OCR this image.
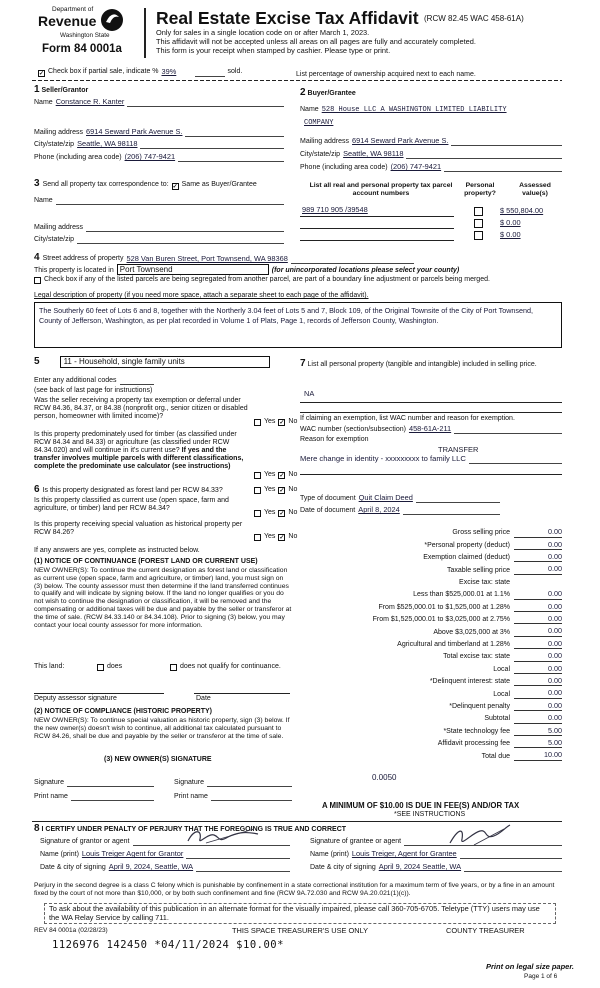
Department of
Revenue
Washington State
Form 84 0001a
Real Estate Excise Tax Affidavit (RCW 82.45 WAC 458-61A)
Only for sales in a single location code on or after March 1, 2023.
This affidavit will not be accepted unless all areas on all pages are fully and accurately completed.
This form is your receipt when stamped by cashier. Please type or print.
✓ Check box if partial sale, indicate % 39%	sold.	List percentage of ownership acquired next to each name.
1 Seller/Grantor
Name Constance R. Kanter
Mailing address 6914 Seward Park Avenue S.
City/state/zip Seattle, WA 98118
Phone (including area code) (206) 747-9421
2 Buyer/Grantee
Name 528 House LLC A WASHINGTON LIMITED LIABILITY
COMPANY
Mailing address 6914 Seward Park Avenue S.
City/state/zip Seattle, WA 98118
Phone (including area code) (206) 747-9421
3 Send all property tax correspondence to: ✓ Same as Buyer/Grantee
Name
Mailing address
City/state/zip
List all real and personal property tax parcel account numbers
Personal property?
Assessed value(s)
989 710 905 /39548	$ 550,804.00
$ 0.00
$ 0.00
4 Street address of property 528 Van Buren Street, Port Townsend, WA 98368
This property is located in Port Townsend	(for unincorporated locations please select your county)
Check box if any of the listed parcels are being segregated from another parcel, are part of a boundary line adjustment or parcels being merged.
Legal description of property (if you need more space, attach a separate sheet to each page of the affidavit).
The Southerly 60 feet of Lots 6 and 8, together with the Northerly 3.04 feet of Lots 5 and 7, Block 109, of the Original Townsite of the City of Port Townsend, County of Jefferson, Washington, as per plat recorded in Volume 1 of Plats, Page 1, records of Jefferson County, Washington.
5	11 - Household, single family units
Enter any additional codes
(see back of last page for instructions)
Was the seller receiving a property tax exemption or deferral under RCW 84.36, 84.37, or 84.38 (nonprofit org., senior citizen or disabled person, homeowner with limited income)?
Yes ✓ No
Is this property predominately used for timber (as classified under RCW 84.34 and 84.33) or agriculture (as classified under RCW 84.34.020) and will continue in it's current use? If yes and the transfer involves multiple parcels with different classifications, complete the predominate use calculator (see instructions)
Yes ✓ No
6 Is this property designated as forest land per RCW 84.33?	Yes ✓ No
Is this property classified as current use (open space, farm and agriculture, or timber) land per RCW 84.34?
Yes ✓ No
Is this property receiving special valuation as historical property per RCW 84.26?
Yes ✓ No
If any answers are yes, complete as instructed below.
(1) NOTICE OF CONTINUANCE (FOREST LAND OR CURRENT USE)
NEW OWNER(S): To continue the current designation as forest land or classification as current use (open space, farm and agriculture, or timber) land, you must sign on (3) below. The county assessor must then determine if the land transferred continues to qualify and will indicate by signing below. If the land no longer qualifies or you do not wish to continue the designation or classification, it will be removed and the compensating or additional taxes will be due and payable by the seller or transferor at the time of sale. (RCW 84.33.140 or 84.34.108). Prior to signing (3) below, you may contact your local county assessor for more information.
This land:	does	does not qualify for continuance.
Deputy assessor signature	Date
(2) NOTICE OF COMPLIANCE (HISTORIC PROPERTY)
NEW OWNER(S): To continue special valuation as historic property, sign (3) below. If the new owner(s) doesn't wish to continue, all additional tax calculated pursuant to RCW 84.26, shall be due and payable by the seller or transferor at the time of sale.
(3) NEW OWNER(S) SIGNATURE
Signature	Signature
Print name	Print name
7 List all personal property (tangible and intangible) included in selling price.
NA
If claiming an exemption, list WAC number and reason for exemption.
WAC number (section/subsection) 458-61A-211
Reason for exemption
TRANSFER
Mere change in identity - xxxxxxxxx to family LLC
Type of document Quit Claim Deed
Date of document April 8, 2024
Gross selling price	0.00
*Personal property (deduct)	0.00
Exemption claimed (deduct)	0.00
Taxable selling price	0.00
Excise tax: state
Less than $525,000.01 at 1.1%	0.00
From $525,000.01 to $1,525,000 at 1.28%	0.00
From $1,525,000.01 to $3,025,000 at 2.75%	0.00
Above $3,025,000 at 3%	0.00
Agricultural and timberland at 1.28%	0.00
Total excise tax: state	0.00
Local	0.00
*Delinquent interest: state	0.00
Local	0.00
*Delinquent penalty	0.00
Subtotal	0.00
*State technology fee	5.00
Affidavit processing fee	5.00
Total due	10.00
0.0050
A MINIMUM OF $10.00 IS DUE IN FEE(S) AND/OR TAX
*SEE INSTRUCTIONS
8 I CERTIFY UNDER PENALTY OF PERJURY THAT THE FOREGOING IS TRUE AND CORRECT
Signature of grantor or agent	Signature of grantee or agent
Name (print) Louis Treiger Agent for Grantor	Name (print) Louis Treiger, Agent for Grantee
Date & city of signing April 9, 2024, Seattle, WA	Date & city of signing April 9, 2024 Seattle, WA
Perjury in the second degree is a class C felony which is punishable by confinement in a state correctional institution for a maximum term of five years, or by a fine in an amount fixed by the court of not more than $10,000, or by both such confinement and fine (RCW 9A.72.030 and RCW 9A.20.021(1)(c)).
To ask about the availability of this publication in an alternate format for the visually impaired, please call 360-705-6705. Teletype (TTY) users may use the WA Relay Service by calling 711.
REV 84 0001a (02/28/23)	THIS SPACE TREASURER'S USE ONLY	COUNTY TREASURER
1126976 142450 *04/11/2024 $10.00*
Print on legal size paper.
Page 1 of 6
